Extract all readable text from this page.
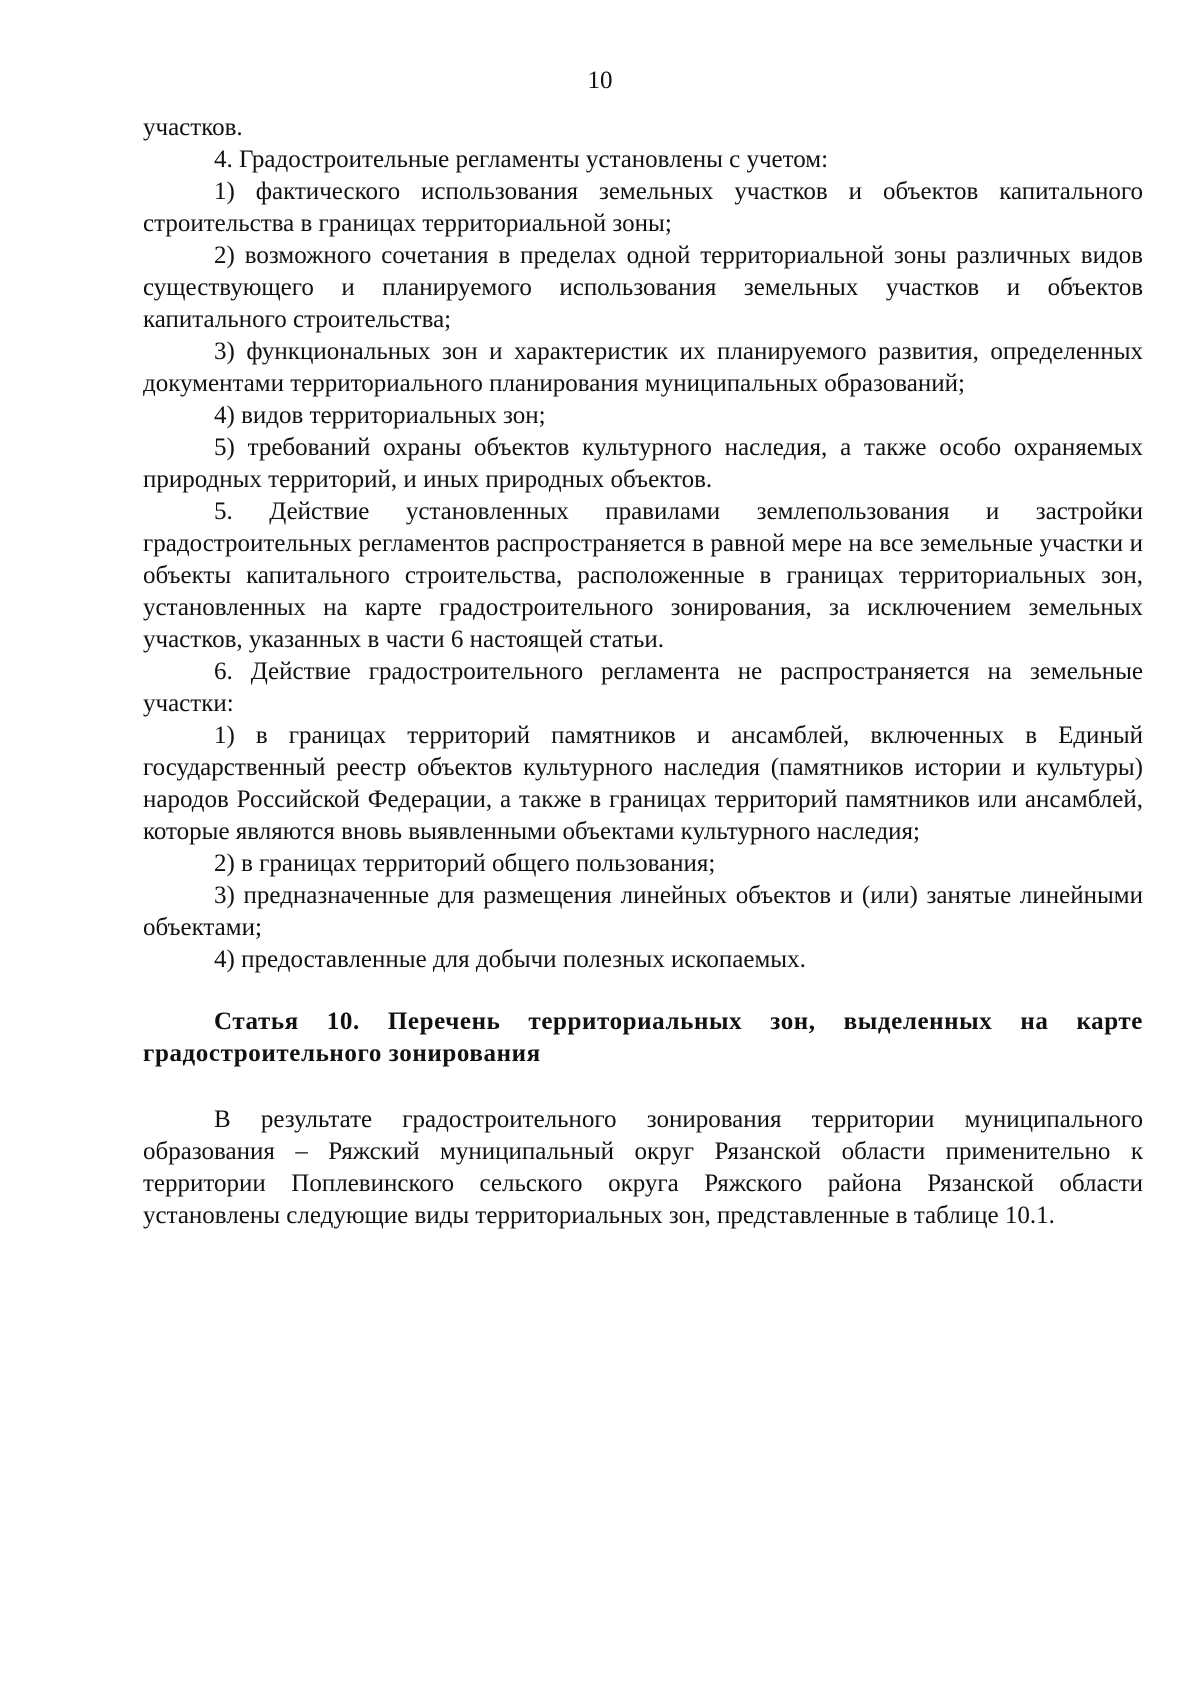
10

участков.

4. Градостроительные регламенты установлены с учетом:

1) фактического использования земельных участков и объектов капитального строительства в границах территориальной зоны;

2) возможного сочетания в пределах одной территориальной зоны различных видов существующего и планируемого использования земельных участков и объектов капитального строительства;

3) функциональных зон и характеристик их планируемого развития, определенных документами территориального планирования муниципальных образований;

4) видов территориальных зон;

5) требований охраны объектов культурного наследия, а также особо охраняемых природных территорий, и иных природных объектов.

5. Действие установленных правилами землепользования и застройки градостроительных регламентов распространяется в равной мере на все земельные участки и объекты капитального строительства, расположенные в границах территориальных зон, установленных на карте градостроительного зонирования, за исключением земельных участков, указанных в части 6 настоящей статьи.

6. Действие градостроительного регламента не распространяется на земельные участки:

1) в границах территорий памятников и ансамблей, включенных в Единый государственный реестр объектов культурного наследия (памятников истории и культуры) народов Российской Федерации, а также в границах территорий памятников или ансамблей, которые являются вновь выявленными объектами культурного наследия;

2) в границах территорий общего пользования;

3) предназначенные для размещения линейных объектов и (или) занятые линейными объектами;

4) предоставленные для добычи полезных ископаемых.

Статья 10. Перечень территориальных зон, выделенных на карте градостроительного зонирования

В результате градостроительного зонирования территории муниципального образования – Ряжский муниципальный округ Рязанской области применительно к территории Поплевинского сельского округа Ряжского района Рязанской области установлены следующие виды территориальных зон, представленные в таблице 10.1.
